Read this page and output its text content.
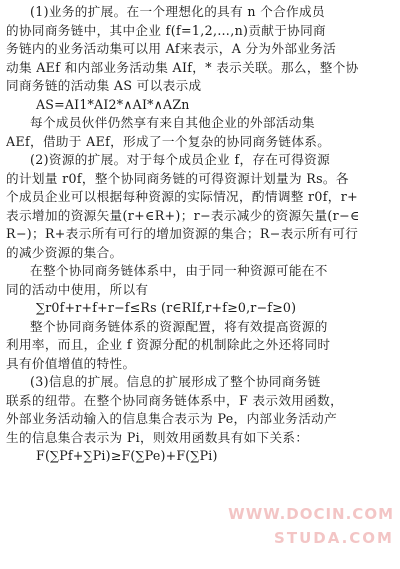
(1)业务的扩展。在一个理想化的具有 n 个合作成员
的协同商务链中，其中企业 f(f=1,2,…,n)贡献于协同商
务链内的业务活动集可以用 Af来表示，A 分为外部业务活
动集 AEf 和内部业务活动集 AIf，* 表示关联。那么，整个协
同商务链的活动集 AS 可以表示成
AS=AI1*AI2*∧AI*∧AZn
每个成员伙伴仍然享有来自其他企业的外部活动集
AEf，借助于 AEf，形成了一个复杂的协同商务链体系。
(2)资源的扩展。对于每个成员企业 f，存在可得资源
的计划量 r0f，整个协同商务链的可得资源计划量为 Rs。各
个成员企业可以根据每种资源的实际情况，酌情调整 r0f，r+
表示增加的资源矢量(r+∈R+)；r−表示减少的资源矢量(r−∈
R−)；R+表示所有可行的增加资源的集合；R−表示所有可行
的减少资源的集合。
在整个协同商务链体系中，由于同一种资源可能在不
同的活动中使用，所以有
∑r0f+r+f+r−f≤Rs (r∈RIf,r+f≥0,r−f≥0)
整个协同商务链体系的资源配置，将有效提高资源的
利用率，而且，企业 f 资源分配的机制除此之外还将同时
具有价值增值的特性。
(3)信息的扩展。信息的扩展形成了整个协同商务链
联系的纽带。在整个协同商务链体系中，F 表示效用函数，
外部业务活动输入的信息集合表示为 Pe，内部业务活动产
生的信息集合表示为 Pi，则效用函数具有如下关系：
F(∑Pf+∑Pi)≥F(∑Pe)+F(∑Pi)
WWW.DOCIN.COM
STUDA.COM
